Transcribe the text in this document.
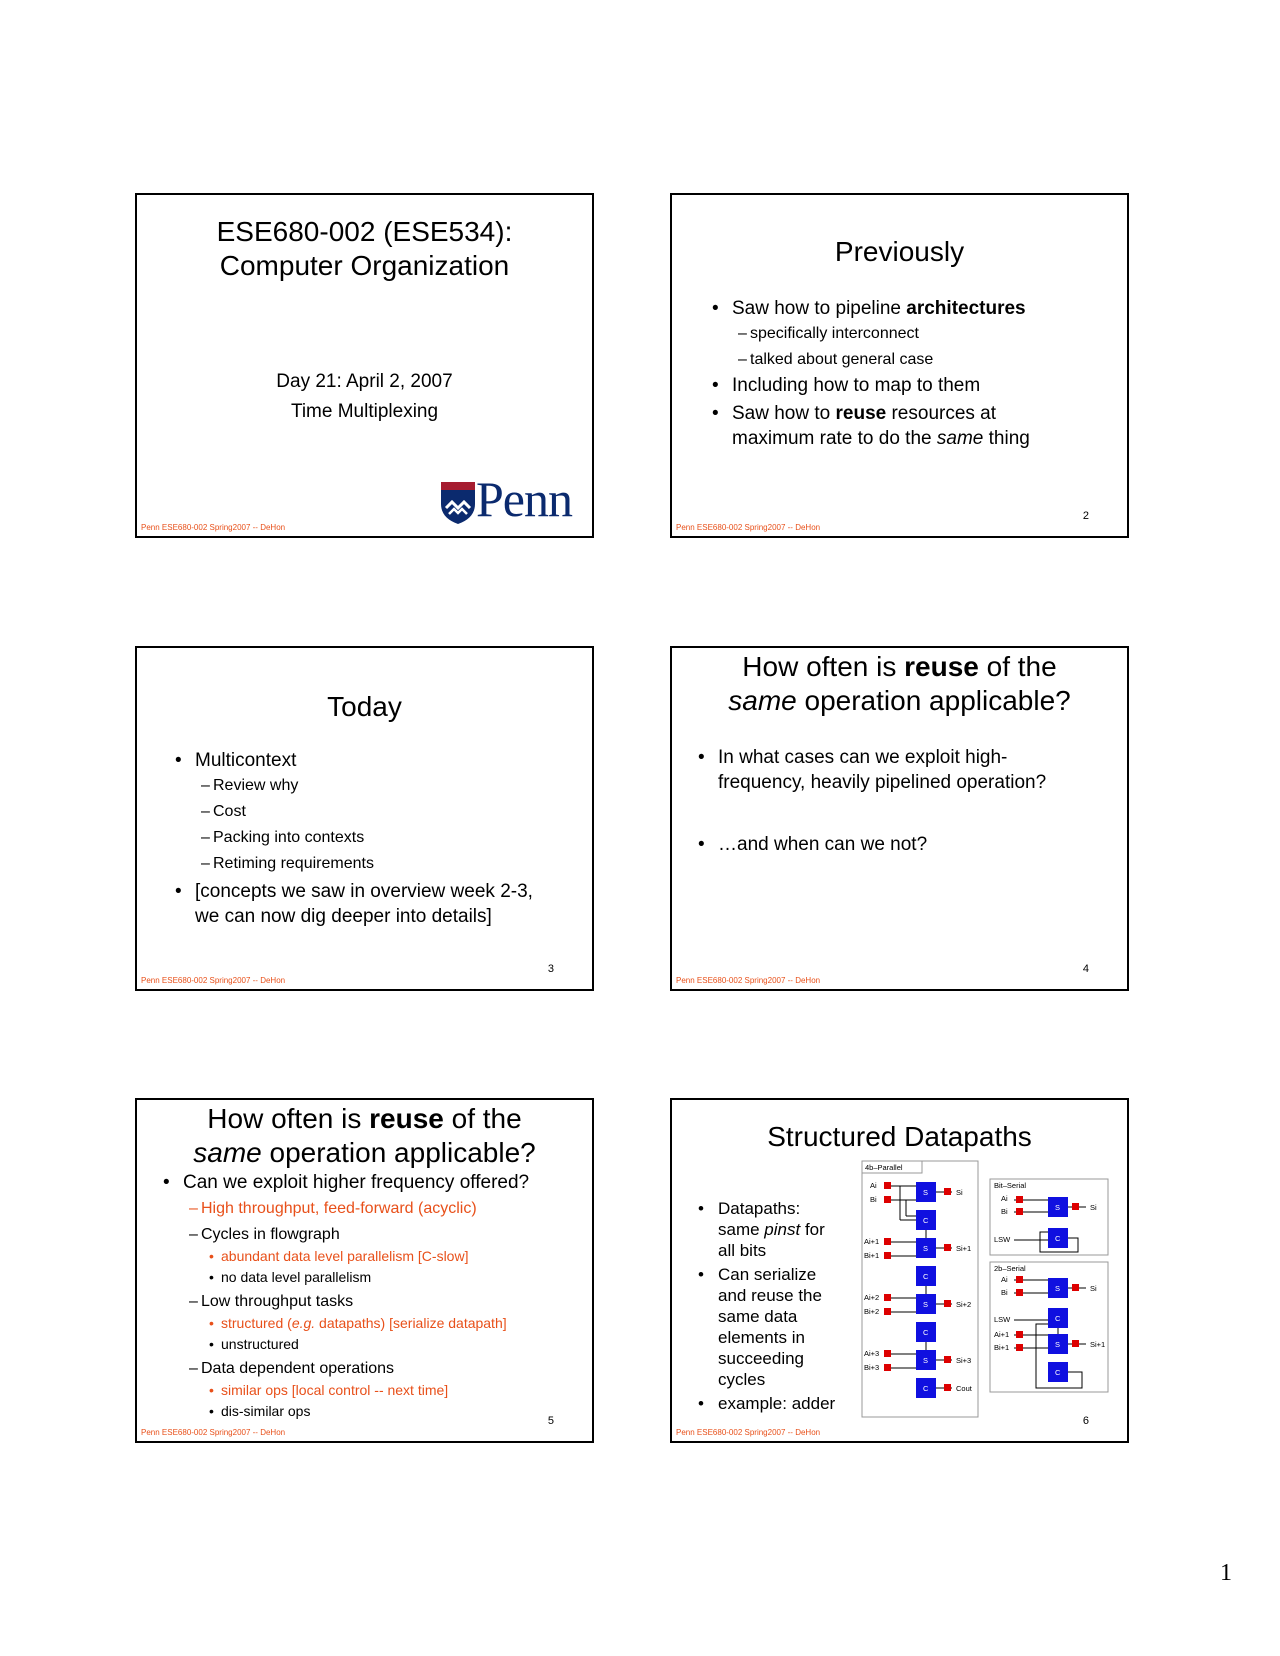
ESE680-002 (ESE534):
Computer Organization
Day 21: April 2, 2007
Time Multiplexing
Penn
Penn ESE680-002 Spring2007 -- DeHon
Previously
• Saw how to pipeline architectures
– specifically interconnect
– talked about general case
• Including how to map to them
• Saw how to reuse resources at
maximum rate to do the same thing
2
Penn ESE680-002 Spring2007 -- DeHon
Today
• Multicontext
– Review why
– Cost
– Packing into contexts
– Retiming requirements
• [concepts we saw in overview week 2-3,
we can now dig deeper into details]
3
Penn ESE680-002 Spring2007 -- DeHon
How often is reuse of the
same operation applicable?
• In what cases can we exploit high-
frequency, heavily pipelined operation?
• …and when can we not?
4
Penn ESE680-002 Spring2007 -- DeHon
How often is reuse of the
same operation applicable?
• Can we exploit higher frequency offered?
– High throughput, feed-forward (acyclic)
– Cycles in flowgraph
• abundant data level parallelism [C-slow]
• no data level parallelism
– Low throughput tasks
• structured (e.g. datapaths) [serialize datapath]
• unstructured
– Data dependent operations
• similar ops [local control -- next time]
• dis-similar ops
5
Penn ESE680-002 Spring2007 -- DeHon
Structured Datapaths
• Datapaths:
same pinst for
all bits
• Can serialize
and reuse the
same data
elements in
succeeding
cycles
• example: adder
4b–Parallel
Ai
Bi
S
C
Si
Ai+1
Bi+1
S
C
Si+1
Ai+2
Bi+2
S
C
Si+2
Ai+3
Bi+3
S
C
Si+3
Cout
Bit–Serial
Ai
Bi	S	Si
LSW	C
2b–Serial
Ai
Bi	S	Si
LSW	C
Ai+1
Bi+1	S	Si+1
C
6
Penn ESE680-002 Spring2007 -- DeHon
1
